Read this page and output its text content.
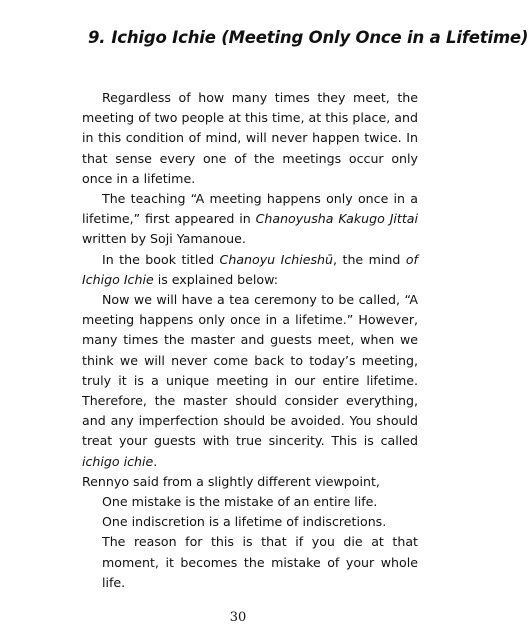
9. Ichigo Ichie (Meeting Only Once in a Lifetime)

Regardless of how many times they meet, the meeting of two people at this time, at this place, and in this condition of mind, will never happen twice. In that sense every one of the meetings occur only once in a lifetime.

The teaching “A meeting happens only once in a lifetime,” first appeared in Chanoyusha Kakugo Jittai written by Soji Yamanoue.

In the book titled Chanoyu Ichieshū, the mind of Ichigo Ichie is explained below:

Now we will have a tea ceremony to be called, “A meeting happens only once in a lifetime.” However, many times the master and guests meet, when we think we will never come back to today’s meeting, truly it is a unique meeting in our entire lifetime. Therefore, the master should consider everything, and any imperfection should be avoided. You should treat your guests with true sincerity. This is called ichigo ichie.

Rennyo said from a slightly different viewpoint,

One mistake is the mistake of an entire life.

One indiscretion is a lifetime of indiscretions.

The reason for this is that if you die at that moment, it becomes the mistake of your whole life.

30
